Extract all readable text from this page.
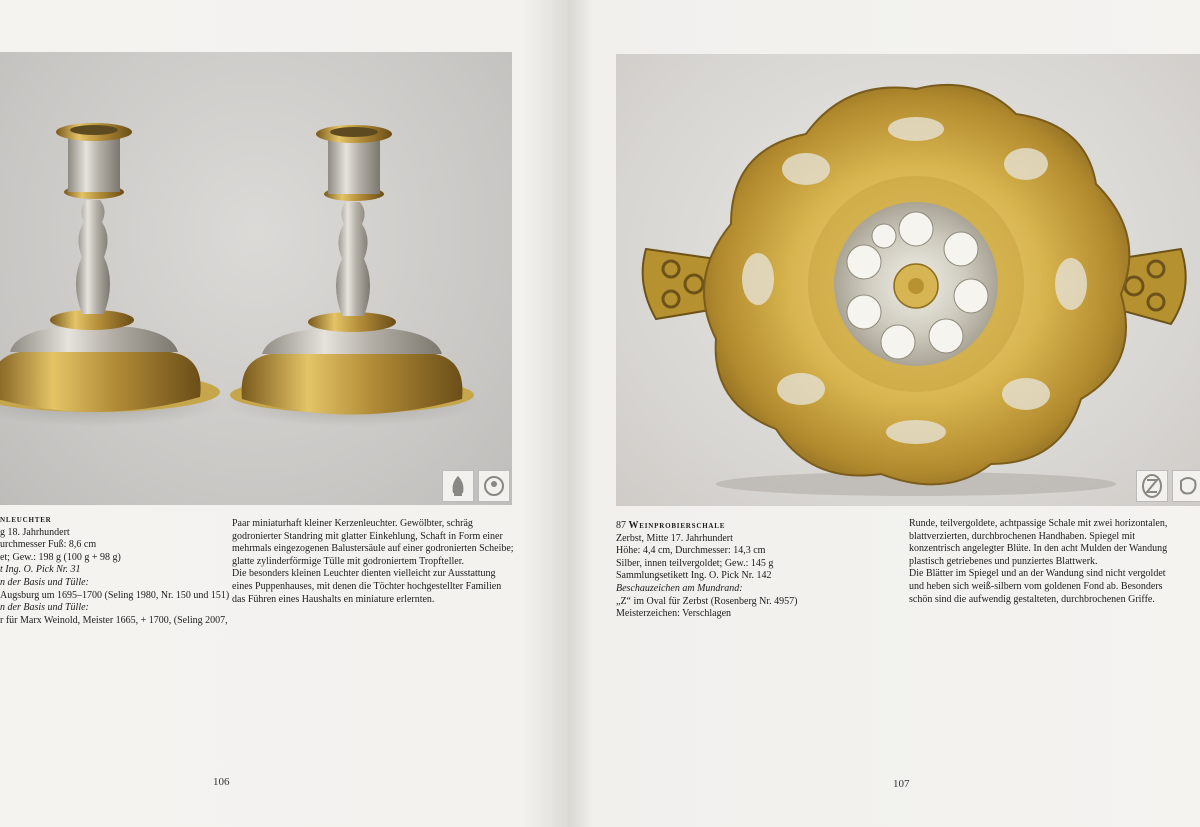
nleuchter
g 18. Jahrhundert
urchmesser Fuß: 8,6 cm
et; Gew.: 198 g (100 g + 98 g)
t Ing. O. Pick Nr. 31
n der Basis und Tülle:
Augsburg um 1695–1700 (Seling 1980, Nr. 150 und 151)
n der Basis und Tülle:
r für Marx Weinold, Meister 1665, + 1700, (Seling 2007,

Paar miniaturhaft kleiner Kerzenleuchter. Gewölbter, schräg godronierter Standring mit glatter Einkehlung, Schaft in Form einer mehrmals eingezogenen Balustersäule auf einer godronierten Scheibe; glatte zylinderförmige Tülle mit godroniertem Tropfteller.

Die besonders kleinen Leuchter dienten vielleicht zur Ausstattung eines Puppenhauses, mit denen die Töchter hochgestellter Familien das Führen eines Haushalts en miniature erlernten.

106
87 Weinprobierschale
Zerbst, Mitte 17. Jahrhundert
Höhe: 4,4 cm, Durchmesser: 14,3 cm
Silber, innen teilvergoldet; Gew.: 145 g
Sammlungsetikett Ing. O. Pick Nr. 142
Beschauzeichen am Mundrand:
„Z“ im Oval für Zerbst (Rosenberg Nr. 4957)
Meisterzeichen: Verschlagen

Runde, teilvergoldete, achtpassige Schale mit zwei horizontalen, blattverzierten, durchbrochenen Handhaben. Spiegel mit konzentrisch angelegter Blüte. In den acht Mulden der Wandung plastisch getriebenes und punziertes Blattwerk.

Die Blätter im Spiegel und an der Wandung sind nicht vergoldet und heben sich weiß-silbern vom goldenen Fond ab. Besonders schön sind die aufwendig gestalteten, durchbrochenen Griffe.

107
